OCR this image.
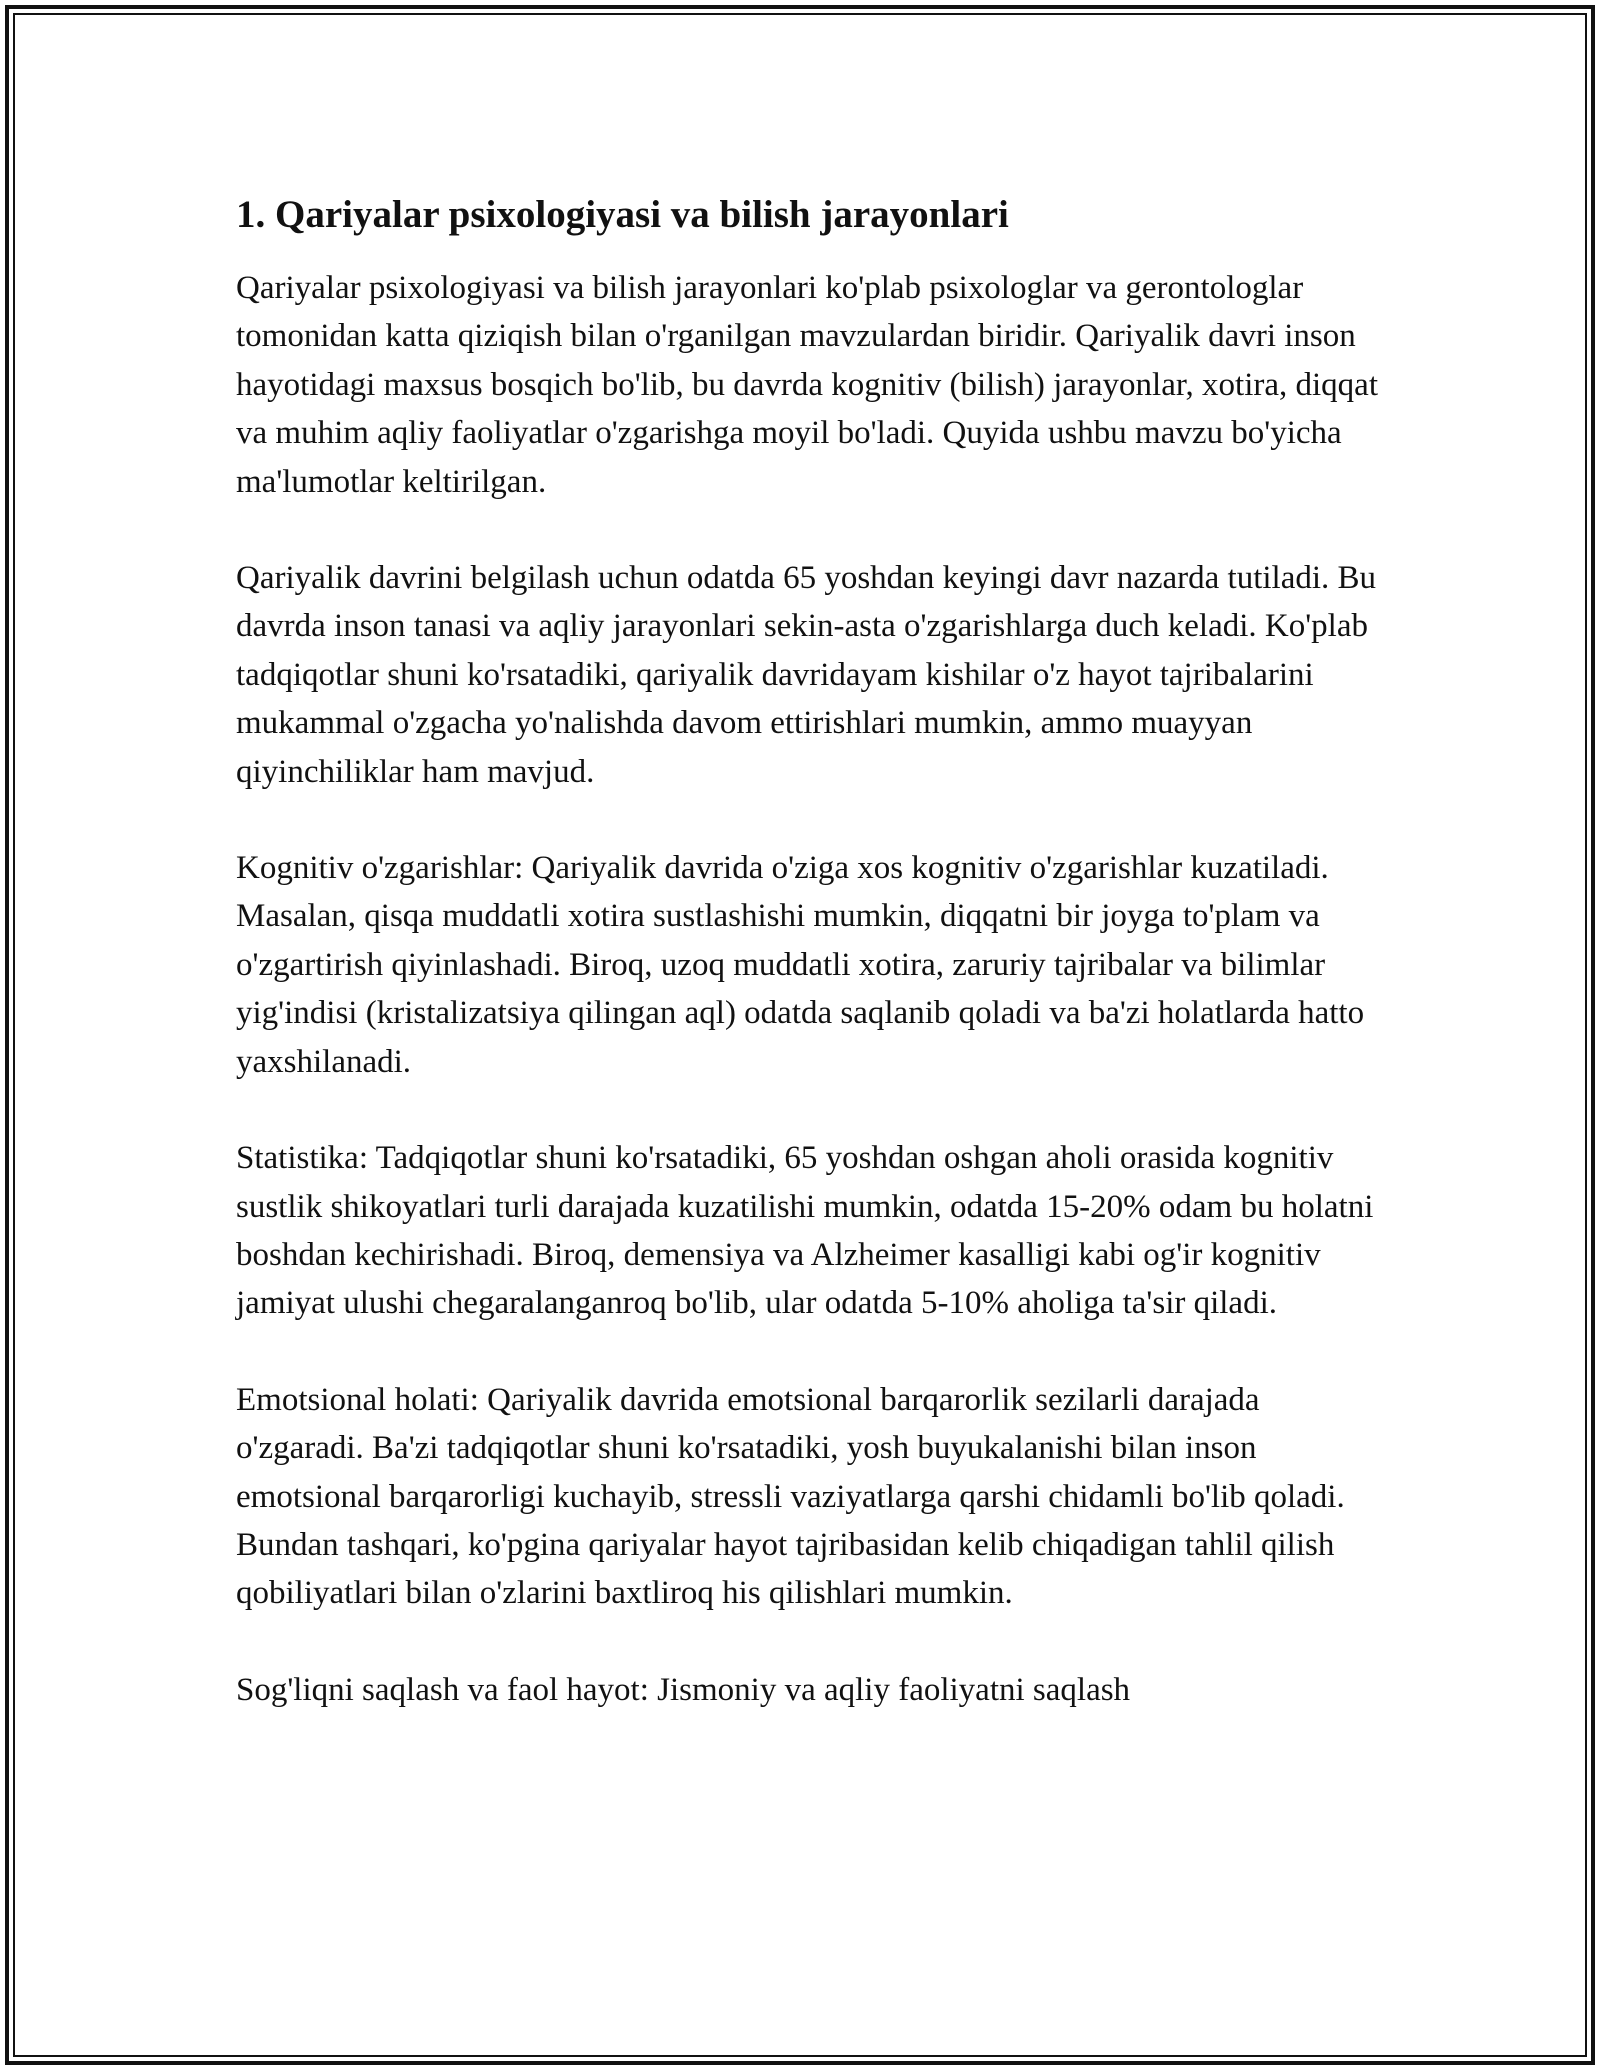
1. Qariyalar psixologiyasi va bilish jarayonlari

Qariyalar psixologiyasi va bilish jarayonlari ko'plab psixologlar va gerontologlar tomonidan katta qiziqish bilan o'rganilgan mavzulardan biridir. Qariyalik davri inson hayotidagi maxsus bosqich bo'lib, bu davrda kognitiv (bilish) jarayonlar, xotira, diqqat va muhim aqliy faoliyatlar o'zgarishga moyil bo'ladi. Quyida ushbu mavzu bo'yicha ma'lumotlar keltirilgan.

Qariyalik davrini belgilash uchun odatda 65 yoshdan keyingi davr nazarda tutiladi. Bu davrda inson tanasi va aqliy jarayonlari sekin-asta o'zgarishlarga duch keladi. Ko'plab tadqiqotlar shuni ko'rsatadiki, qariyalik davridayam kishilar o'z hayot tajribalarini mukammal o'zgacha yo'nalishda davom ettirishlari mumkin, ammo muayyan qiyinchiliklar ham mavjud.

Kognitiv o'zgarishlar: Qariyalik davrida o'ziga xos kognitiv o'zgarishlar kuzatiladi. Masalan, qisqa muddatli xotira sustlashishi mumkin, diqqatni bir joyga to'plam va o'zgartirish qiyinlashadi. Biroq, uzoq muddatli xotira, zaruriy tajribalar va bilimlar yig'indisi (kristalizatsiya qilingan aql) odatda saqlanib qoladi va ba'zi holatlarda hatto yaxshilanadi.

Statistika: Tadqiqotlar shuni ko'rsatadiki, 65 yoshdan oshgan aholi orasida kognitiv sustlik shikoyatlari turli darajada kuzatilishi mumkin, odatda 15-20% odam bu holatni boshdan kechirishadi. Biroq, demensiya va Alzheimer kasalligi kabi og'ir kognitiv jamiyat ulushi chegaralanganroq bo'lib, ular odatda 5-10% aholiga ta'sir qiladi.

Emotsional holati: Qariyalik davrida emotsional barqarorlik sezilarli darajada o'zgaradi. Ba'zi tadqiqotlar shuni ko'rsatadiki, yosh buyukalanishi bilan inson emotsional barqarorligi kuchayib, stressli vaziyatlarga qarshi chidamli bo'lib qoladi. Bundan tashqari, ko'pgina qariyalar hayot tajribasidan kelib chiqadigan tahlil qilish qobiliyatlari bilan o'zlarini baxtliroq his qilishlari mumkin.

Sog'liqni saqlash va faol hayot: Jismoniy va aqliy faoliyatni saqlash
